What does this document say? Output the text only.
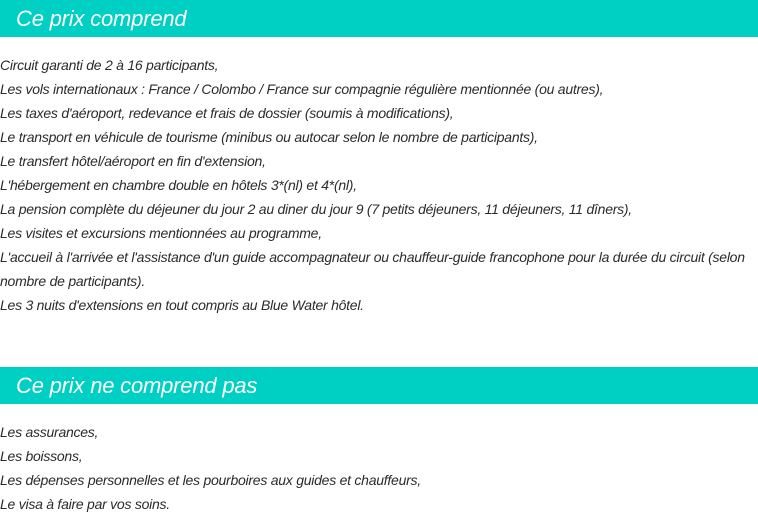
Ce prix comprend
Circuit garanti de 2 à 16 participants,
Les vols internationaux : France / Colombo / France sur compagnie régulière mentionnée (ou autres),
Les taxes d'aéroport, redevance et frais de dossier (soumis à modifications),
Le transport en véhicule de tourisme (minibus ou autocar selon le nombre de participants),
Le transfert hôtel/aéroport en fin d'extension,
L'hébergement en chambre double en hôtels 3*(nl) et 4*(nl),
La pension complète du déjeuner du jour 2 au diner du jour 9 (7 petits déjeuners, 11 déjeuners, 11 dîners),
Les visites et excursions mentionnées au programme,
L'accueil à l'arrivée et l'assistance d'un guide accompagnateur ou chauffeur-guide francophone pour la durée du circuit (selon nombre de participants).
Les 3 nuits d'extensions en tout compris au Blue Water hôtel.
Ce prix ne comprend pas
Les assurances,
Les boissons,
Les dépenses personnelles et les pourboires aux guides et chauffeurs,
Le visa à faire par vos soins.
